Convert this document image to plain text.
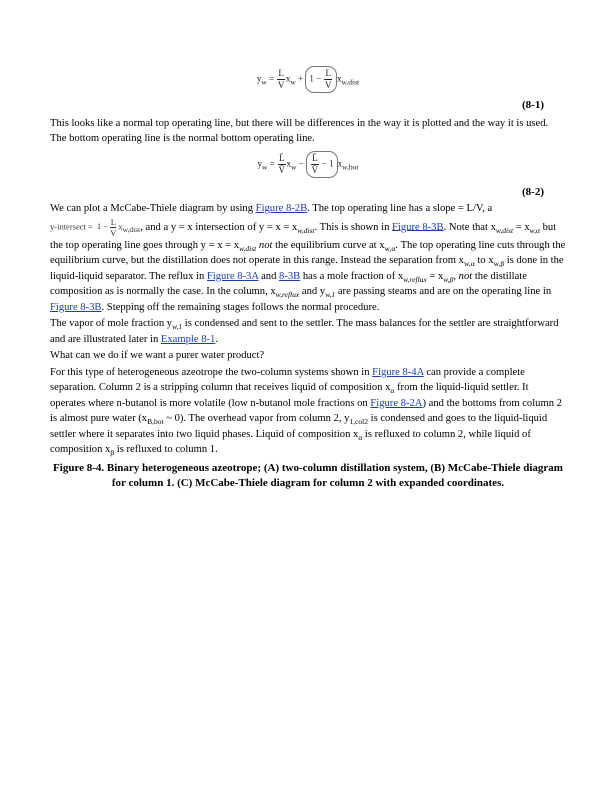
$y_w = \frac{L}{V} x_w + 1 - \frac{L}{V} x_{w,dist}$
(8-1)

This looks like a normal top operating line, but there will be differences in the way it is plotted and the way it is used. The bottom operating line is the normal bottom operating line.

$y_w = \frac{L̄}{V̄} x_w - \frac{L̄}{V̄} - 1$ $x_{w,bot}$
(8-2)

We can plot a McCabe-Thiele diagram by using Figure 8-2B. The top operating line has a slope = L/V, a
y-intersect = $1 - \frac{L}{V} x_{w,dist}$, and a y = x intersection of $y = x = x_{w,dist}$. This is shown in Figure 8-3B. Note that $x_{w,dist} = x_{w,\alpha}$ but the top operating line goes through $y = x = x_{w,dist}$ not the equilibrium curve at $x_{w,\alpha}$. The top operating line cuts through the equilibrium curve, but the distillation does not operate in this range. Instead the separation from $x_{w,\alpha}$ to $x_{w,\beta}$ is done in the liquid-liquid separator. The reflux in Figure 8-3A and 8-3B has a mole fraction of $x_{w,reflux} = x_{w,\beta}$, not the distillate composition as is normally the case. In the column, $x_{w,reflux}$ and $y_{w,1}$ are passing steams and are on the operating line in Figure 8-3B. Stepping off the remaining stages follows the normal procedure.

The vapor of mole fraction $y_{w,1}$ is condensed and sent to the settler. The mass balances for the settler are straightforward and are illustrated later in Example 8-1.

What can we do if we want a purer water product?

For this type of heterogeneous azeotrope the two-column systems shown in Figure 8-4A can provide a complete separation. Column 2 is a stripping column that receives liquid of composition $x_\alpha$ from the liquid-liquid settler. It operates where n-butanol is more volatile (low n-butanol mole fractions on Figure 8-2A) and the bottoms from column 2 is almost pure water ($x_{B,bot}$ ~ 0). The overhead vapor from column 2, $y_{1,col2}$ is condensed and goes to the liquid-liquid settler where it separates into two liquid phases. Liquid of composition $x_\alpha$ is refluxed to column 2, while liquid of composition $x_\beta$ is refluxed to column 1.

Figure 8-4. Binary heterogeneous azeotrope; (A) two-column distillation system, (B) McCabe-Thiele diagram for column 1. (C) McCabe-Thiele diagram for column 2 with expanded coordinates.
